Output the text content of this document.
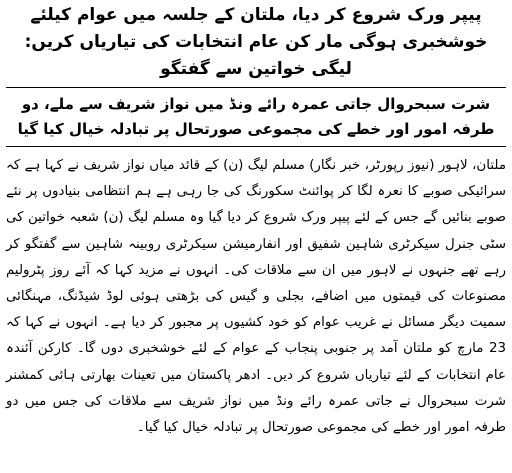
پیپر ورک شروع کر دیا، ملتان کے جلسہ میں عوام کیلئے خوشخبری ہوگی مار کن عام انتخابات کی تیاریاں کریں: لیگی خواتین سے گفتگو
شرت سبحروال جاتی عمرہ رائے ونڈ میں نواز شریف سے ملے، دو طرفہ امور اور خطے کی مجموعی صورتحال پر تبادلہ خیال کیا گیا

ملتان، لاہور (نیوز رپورٹر، خبر نگار) مسلم لیگ (ن) کے قائد میاں نواز شریف نے کہا ہے کہ سرائیکی صوبے کا نعرہ لگا کر پوائنٹ سکورنگ کی جا رہی ہے ہم انتظامی بنیادوں پر نئے صوبے بنائیں گے جس کے لئے پیپر ورک شروع کر دیا گیا وہ مسلم لیگ (ن) شعبہ خواتین کی سٹی جنرل سیکرٹری شاہین شفیق اور انفارمیشن سیکرٹری روبینہ شاہین سے گفتگو کر رہے تھے جنہوں نے لاہور میں ان سے ملاقات کی۔ انہوں نے مزید کہا کہ آئے روز پٹرولیم مصنوعات کی قیمتوں میں اضافے، بجلی و گیس کی بڑھتی ہوئی لوڈ شیڈنگ، مہنگائی سمیت دیگر مسائل نے غریب عوام کو خود کشیوں پر مجبور کر دیا ہے۔ انہوں نے کہا کہ 23 مارچ کو ملتان آمد پر جنوبی پنجاب کے عوام کے لئے خوشخبری دوں گا۔ کارکن آئندہ عام انتخابات کے لئے تیاریاں شروع کر دیں۔ ادھر پاکستان میں تعینات بھارتی ہائی کمشنر شرت سبحروال نے جاتی عمرہ رائے ونڈ میں نواز شریف سے ملاقات کی جس میں دو طرفہ امور اور خطے کی مجموعی صورتحال پر تبادلہ خیال کیا گیا۔
